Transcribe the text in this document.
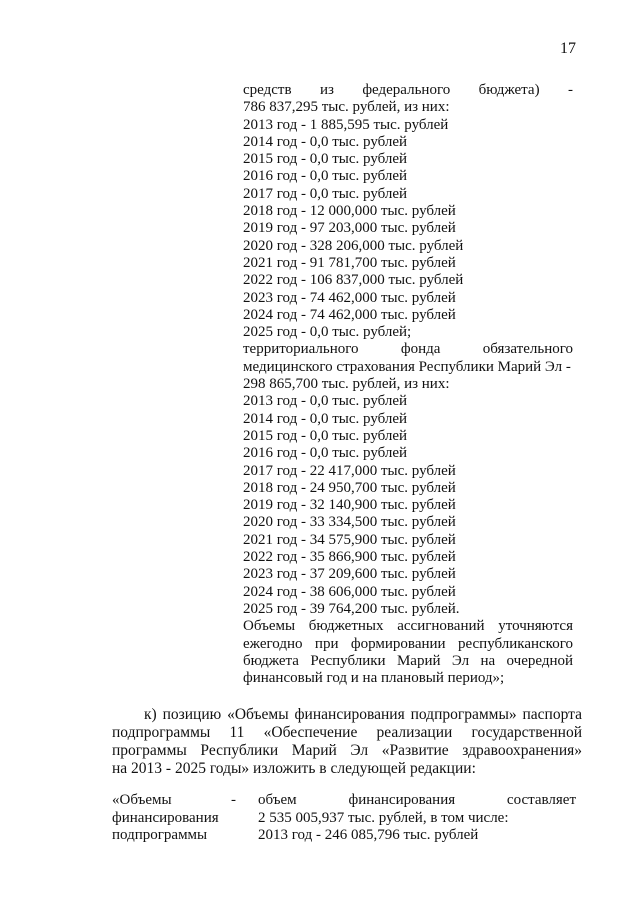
17
средств из федерального бюджета) -
786 837,295 тыс. рублей, из них:
2013 год - 1 885,595 тыс. рублей
2014 год - 0,0 тыс. рублей
2015 год - 0,0 тыс. рублей
2016 год - 0,0 тыс. рублей
2017 год - 0,0 тыс. рублей
2018 год - 12 000,000 тыс. рублей
2019 год - 97 203,000 тыс. рублей
2020 год - 328 206,000 тыс. рублей
2021 год - 91 781,700 тыс. рублей
2022 год - 106 837,000 тыс. рублей
2023 год - 74 462,000 тыс. рублей
2024 год - 74 462,000 тыс. рублей
2025 год - 0,0 тыс. рублей;
территориального фонда обязательного
медицинского страхования Республики Марий Эл -
298 865,700 тыс. рублей, из них:
2013 год - 0,0 тыс. рублей
2014 год - 0,0 тыс. рублей
2015 год - 0,0 тыс. рублей
2016 год - 0,0 тыс. рублей
2017 год - 22 417,000 тыс. рублей
2018 год - 24 950,700 тыс. рублей
2019 год - 32 140,900 тыс. рублей
2020 год - 33 334,500 тыс. рублей
2021 год - 34 575,900 тыс. рублей
2022 год - 35 866,900 тыс. рублей
2023 год - 37 209,600 тыс. рублей
2024 год - 38 606,000 тыс. рублей
2025 год - 39 764,200 тыс. рублей.
Объемы бюджетных ассигнований уточняются
ежегодно при формировании республиканского
бюджета Республики Марий Эл на очередной
финансовый год и на плановый период»;
к) позицию «Объемы финансирования подпрограммы» паспорта
подпрограммы 11 «Обеспечение реализации государственной
программы Республики Марий Эл «Развитие здравоохранения»
на 2013 - 2025 годы» изложить в следующей редакции:
«Объемы
финансирования
подпрограммы
- объем финансирования составляет
2 535 005,937 тыс. рублей, в том числе:
2013 год - 246 085,796 тыс. рублей
